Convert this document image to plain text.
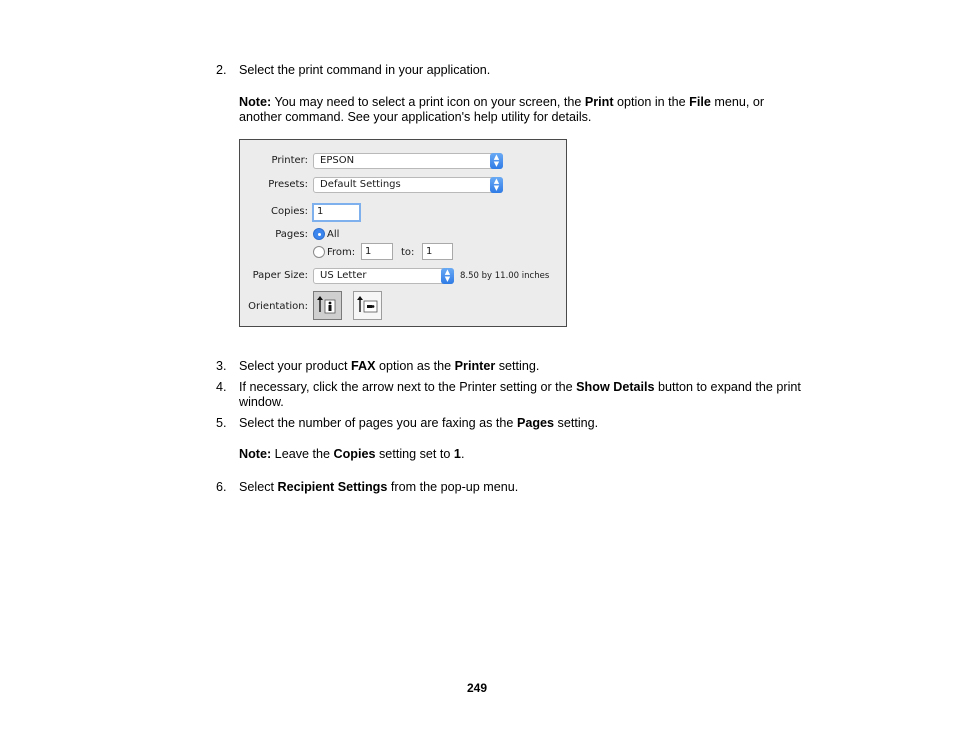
2. Select the print command in your application.
Note: You may need to select a print icon on your screen, the Print option in the File menu, or another command. See your application's help utility for details.
Printer:	EPSON	▲
▼
Presets:	Default Settings	▲
▼
Copies: 1
Pages: All
From: 1	to:	1
Paper Size:	US Letter	▲
▼	8.50 by 11.00 inches
Orientation:
3. Select your product FAX option as the Printer setting.
4. If necessary, click the arrow next to the Printer setting or the Show Details button to expand the print window.
5. Select the number of pages you are faxing as the Pages setting.
Note: Leave the Copies setting set to 1.
6. Select Recipient Settings from the pop-up menu.
249
